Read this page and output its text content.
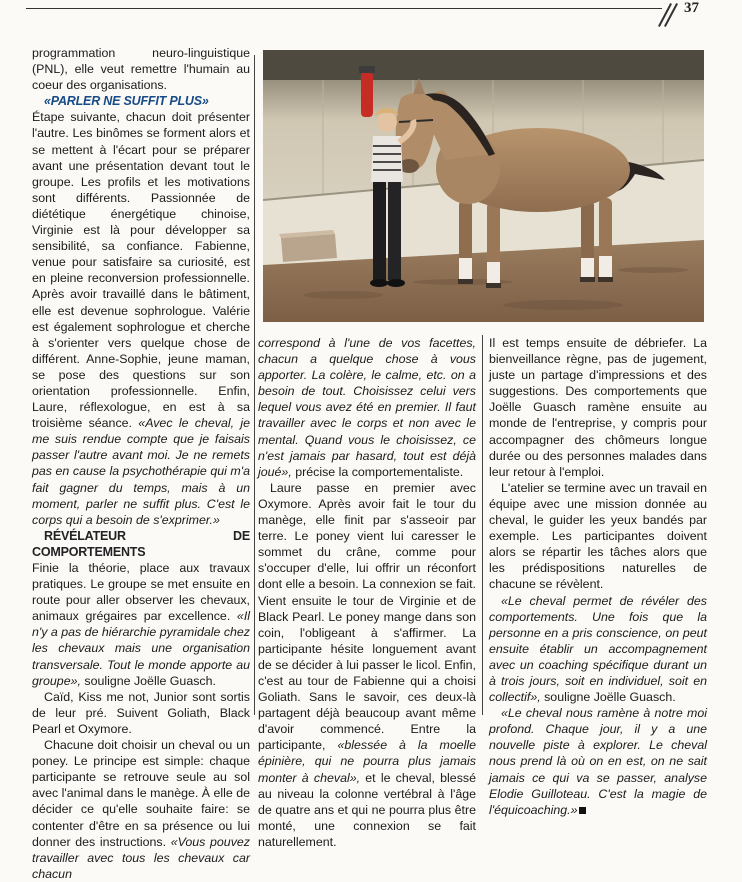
37

programmation neuro-linguistique (PNL), elle veut remettre l'humain au coeur des organisations.

«PARLER NE SUFFIT PLUS»

Étape suivante, chacun doit présenter l'autre. Les binômes se forment alors et se mettent à l'écart pour se préparer avant une présentation devant tout le groupe. Les profils et les motivations sont différents. Passionnée de diététique énergétique chinoise, Virginie est là pour développer sa sensibilité, sa confiance. Fabienne, venue pour satisfaire sa curiosité, est en pleine reconversion professionnelle. Après avoir travaillé dans le bâtiment, elle est devenue sophrologue. Valérie est également sophrologue et cherche à s'orienter vers quelque chose de différent. Anne-Sophie, jeune maman, se pose des questions sur son orientation professionnelle. Enfin, Laure, réflexologue, en est à sa troisième séance. «Avec le cheval, je me suis rendue compte que je faisais passer l'autre avant moi. Je ne remets pas en cause la psychothérapie qui m'a fait gagner du temps, mais à un moment, parler ne suffit plus. C'est le corps qui a besoin de s'exprimer.»

RÉVÉLATEUR DE COMPORTEMENTS

Finie la théorie, place aux travaux pratiques. Le groupe se met ensuite en route pour aller observer les chevaux, animaux grégaires par excellence. «Il n'y a pas de hiérarchie pyramidale chez les chevaux mais une organisation transversale. Tout le monde apporte au groupe», souligne Joëlle Guasch.

Caïd, Kiss me not, Junior sont sortis de leur pré. Suivent Goliath, Black Pearl et Oxymore.

Chacune doit choisir un cheval ou un poney. Le principe est simple: chaque participante se retrouve seule au sol avec l'animal dans le manège. À elle de décider ce qu'elle souhaite faire: se contenter d'être en sa présence ou lui donner des instructions. «Vous pouvez travailler avec tous les chevaux car chacun

correspond à l'une de vos facettes, chacun a quelque chose à vous apporter. La colère, le calme, etc. on a besoin de tout. Choisissez celui vers lequel vous avez été en premier. Il faut travailler avec le corps et non avec le mental. Quand vous le choisissez, ce n'est jamais par hasard, tout est déjà joué», précise la comportementaliste.

Laure passe en premier avec Oxymore. Après avoir fait le tour du manège, elle finit par s'asseoir par terre. Le poney vient lui caresser le sommet du crâne, comme pour s'occuper d'elle, lui offrir un réconfort dont elle a besoin. La connexion se fait. Vient ensuite le tour de Virginie et de Black Pearl. Le poney mange dans son coin, l'obligeant à s'affirmer. La participante hésite longuement avant de se décider à lui passer le licol. Enfin, c'est au tour de Fabienne qui a choisi Goliath. Sans le savoir, ces deux-là partagent déjà beaucoup avant même d'avoir commencé. Entre la participante, «blessée à la moelle épinière, qui ne pourra plus jamais monter à cheval», et le cheval, blessé au niveau la colonne vertébral à l'âge de quatre ans et qui ne pourra plus être monté, une connexion se fait naturellement.

Il est temps ensuite de débriefer. La bienveillance règne, pas de jugement, juste un partage d'impressions et des suggestions. Des comportements que Joëlle Guasch ramène ensuite au monde de l'entreprise, y compris pour accompagner des chômeurs longue durée ou des personnes malades dans leur retour à l'emploi.

L'atelier se termine avec un travail en équipe avec une mission donnée au cheval, le guider les yeux bandés par exemple. Les participantes doivent alors se répartir les tâches alors que les prédispositions naturelles de chacune se révèlent.

«Le cheval permet de révéler des comportements. Une fois que la personne en a pris conscience, on peut ensuite établir un accompagnement avec un coaching spécifique durant un à trois jours, soit en individuel, soit en collectif», souligne Joëlle Guasch.

«Le cheval nous ramène à notre moi profond. Chaque jour, il y a une nouvelle piste à explorer. Le cheval nous prend là où on en est, on ne sait jamais ce qui va se passer, analyse Elodie Guilloteau. C'est la magie de l'équicoaching.»
